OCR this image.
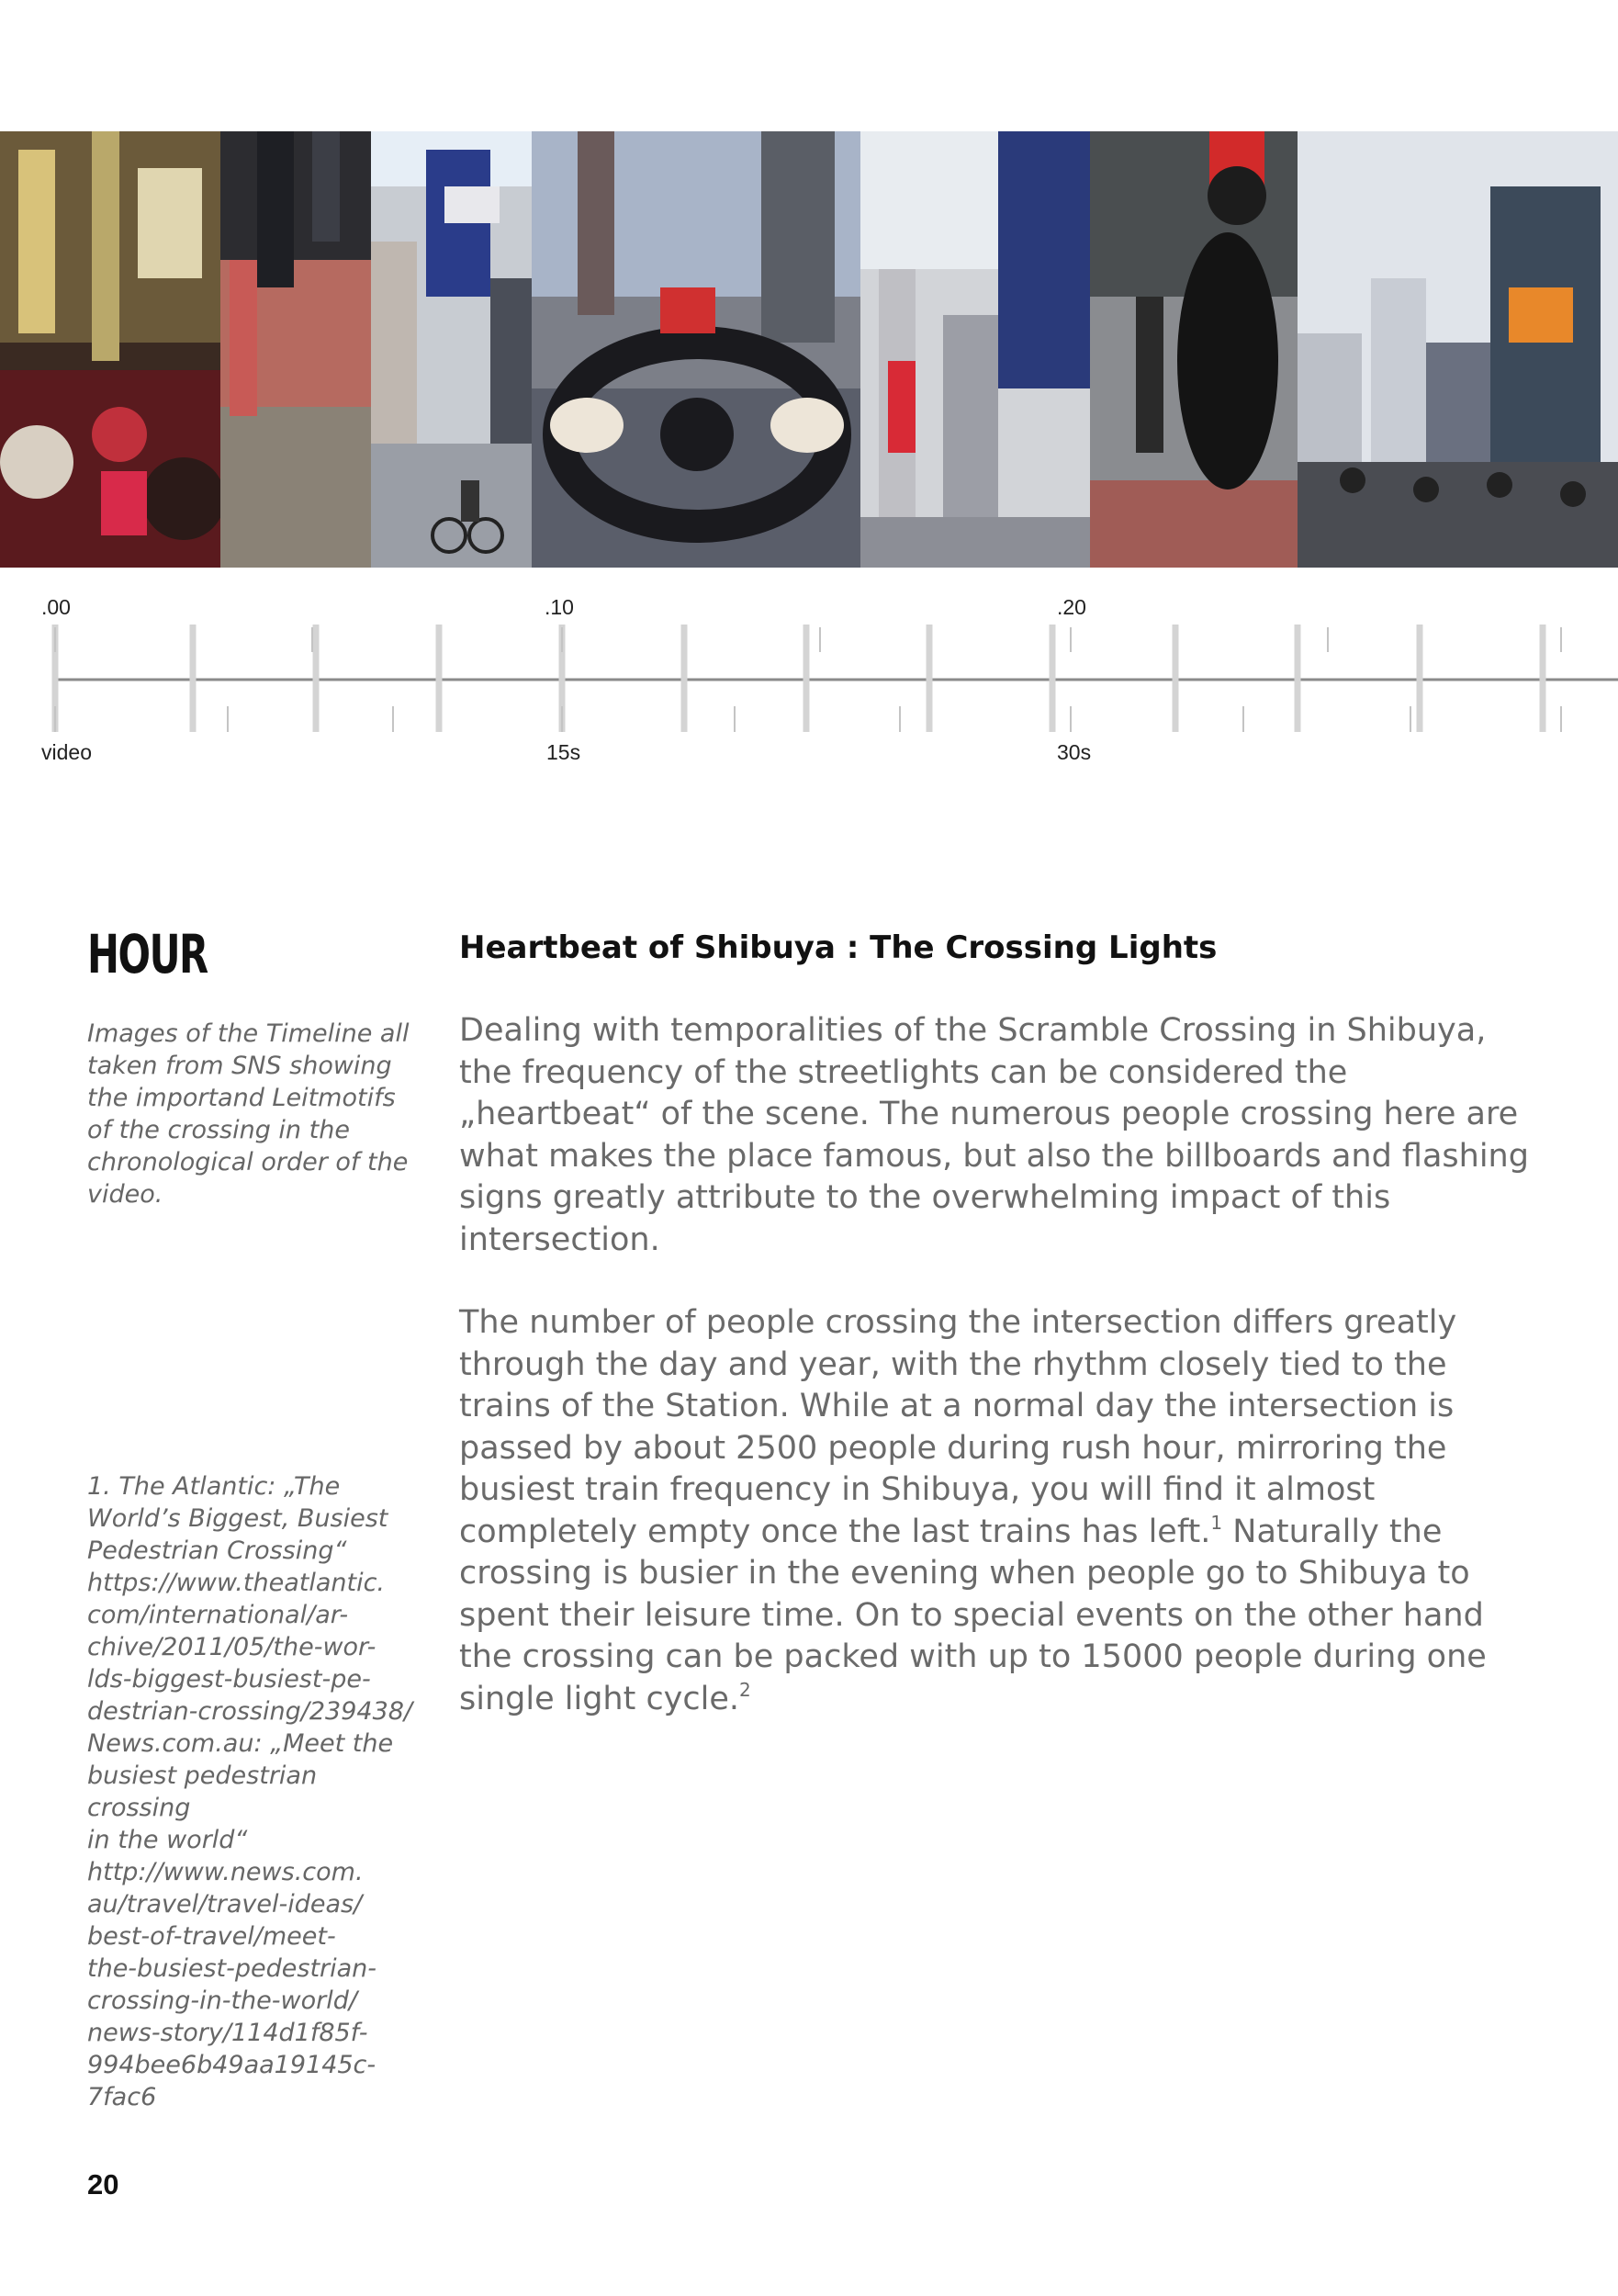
.00	.10	.20
video	15s	30s
HOUR

Images of the Timeline all taken from SNS showing the importand Leitmotifs of the crossing in the chronological order of the video.

1. The Atlantic: „The
World’s Biggest, Busiest
Pedestrian Crossing“
https://www.theatlantic.
com/international/ar-
chive/2011/05/the-wor-
lds-biggest-busiest-pe-
destrian-crossing/239438/
News.com.au: „Meet the
busiest pedestrian crossing
in the world“
http://www.news.com.
au/travel/travel-ideas/
best-of-travel/meet-
the-busiest-pedestrian-
crossing-in-the-world/
news-story/114d1f85f-
994bee6b49aa19145c-
7fac6

Heartbeat of Shibuya : The Crossing Lights

Dealing with temporalities of the Scramble Crossing in Shibuya, the frequency of the streetlights can be considered the „heartbeat“ of the scene. The numerous people crossing here are what makes the place famous, but also the billboards and flashing signs greatly attribute to the overwhelming impact of this intersection.

The number of people crossing the intersection differs greatly through the day and year, with the rhythm closely tied to the trains of the Station. While at a normal day the intersection is passed by about 2500 people during rush hour, mirroring the busiest train frequency in Shibuya, you will find it almost completely empty once the last trains has left.$^1$ Naturally the crossing is busier in the evening when people go to Shibuya to spent their leisure time. On to special events on the other hand the crossing can be packed with up to 15000 people during one single light cycle.$^2$

20
